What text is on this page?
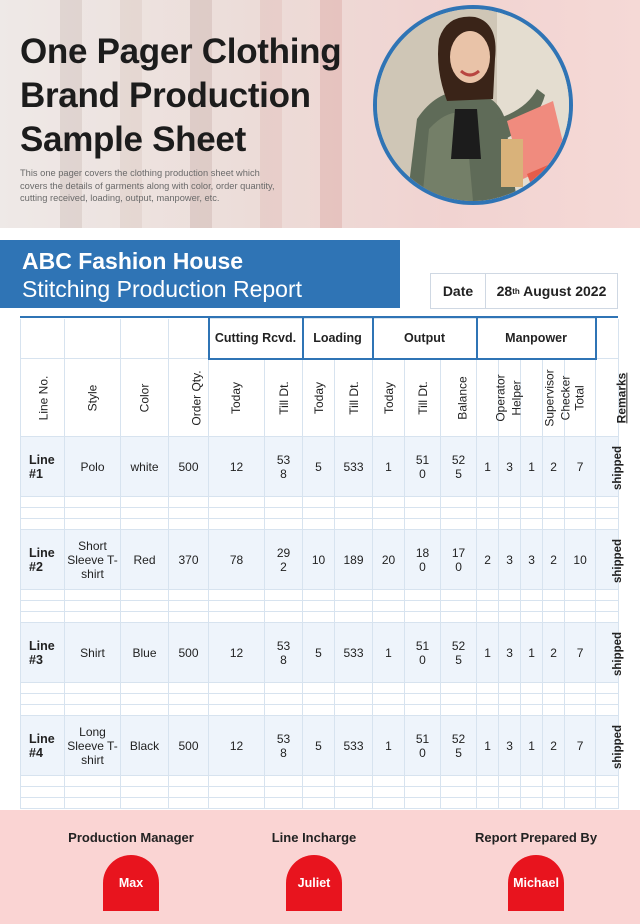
One Pager Clothing Brand Production Sample Sheet
This one pager covers the clothing production sheet which covers the details of garments along with color, order quantity, cutting received, loading, output, manpower, etc.
ABC Fashion House
Stitching Production Report	Date	28 th August 2022
				Cutting Rcvd.		Loading		Output			Manpower					
Line No.	Style	Color	Order Qty.	Today	Till Dt.	Today	Till Dt.	Today	Till Dt.	Balance	Operator	Helper	Supervisor	Checker	Total	Remarks
Line #1	Polo	white	500	12	538	5	533	1	510	525	1	3	1	2	7	shipped

Line #2	Short Sleeve T-shirt	Red	370	78	292	10	189	20	180	170	2	3	3	2	10	shipped

Line #3	Shirt	Blue	500	12	538	5	533	1	510	525	1	3	1	2	7	shipped

Line #4	Long Sleeve T-shirt	Black	500	12	538	5	533	1	510	525	1	3	1	2	7	shipped

Production Manager
Max
Line Incharge
Juliet
Report Prepared By
Michael
